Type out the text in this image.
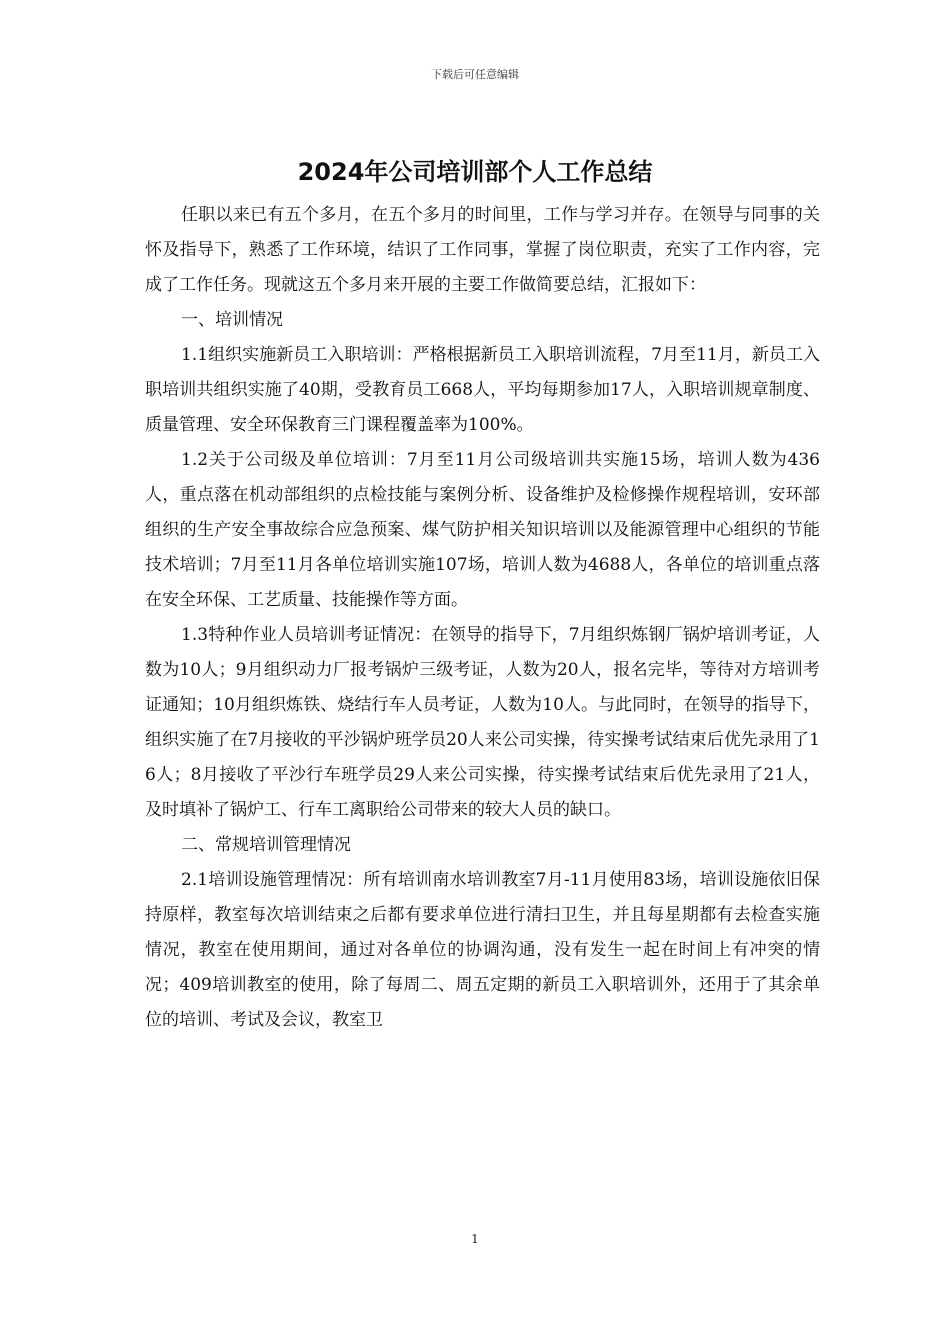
下载后可任意编辑
2024年公司培训部个人工作总结

任职以来已有五个多月，在五个多月的时间里，工作与学习并存。在领导与同事的关怀及指导下，熟悉了工作环境，结识了工作同事，掌握了岗位职责，充实了工作内容，完成了工作任务。现就这五个多月来开展的主要工作做简要总结，汇报如下：

一、培训情况

1.1组织实施新员工入职培训：严格根据新员工入职培训流程，7月至11月，新员工入职培训共组织实施了40期，受教育员工668人，平均每期参加17人，入职培训规章制度、质量管理、安全环保教育三门课程覆盖率为100%。

1.2关于公司级及单位培训：7月至11月公司级培训共实施15场，培训人数为436人，重点落在机动部组织的点检技能与案例分析、设备维护及检修操作规程培训，安环部组织的生产安全事故综合应急预案、煤气防护相关知识培训以及能源管理中心组织的节能技术培训；7月至11月各单位培训实施107场，培训人数为4688人，各单位的培训重点落在安全环保、工艺质量、技能操作等方面。

1.3特种作业人员培训考证情况：在领导的指导下，7月组织炼钢厂锅炉培训考证，人数为10人；9月组织动力厂报考锅炉三级考证，人数为20人，报名完毕，等待对方培训考证通知；10月组织炼铁、烧结行车人员考证，人数为10人。与此同时，在领导的指导下，组织实施了在7月接收的平沙锅炉班学员20人来公司实操，待实操考试结束后优先录用了16人；8月接收了平沙行车班学员29人来公司实操，待实操考试结束后优先录用了21人，及时填补了锅炉工、行车工离职给公司带来的较大人员的缺口。

二、常规培训管理情况

2.1培训设施管理情况：所有培训南水培训教室7月-11月使用83场，培训设施依旧保持原样，教室每次培训结束之后都有要求单位进行清扫卫生，并且每星期都有去检查实施情况，教室在使用期间，通过对各单位的协调沟通，没有发生一起在时间上有冲突的情况；409培训教室的使用，除了每周二、周五定期的新员工入职培训外，还用于了其余单位的培训、考试及会议，教室卫

1
